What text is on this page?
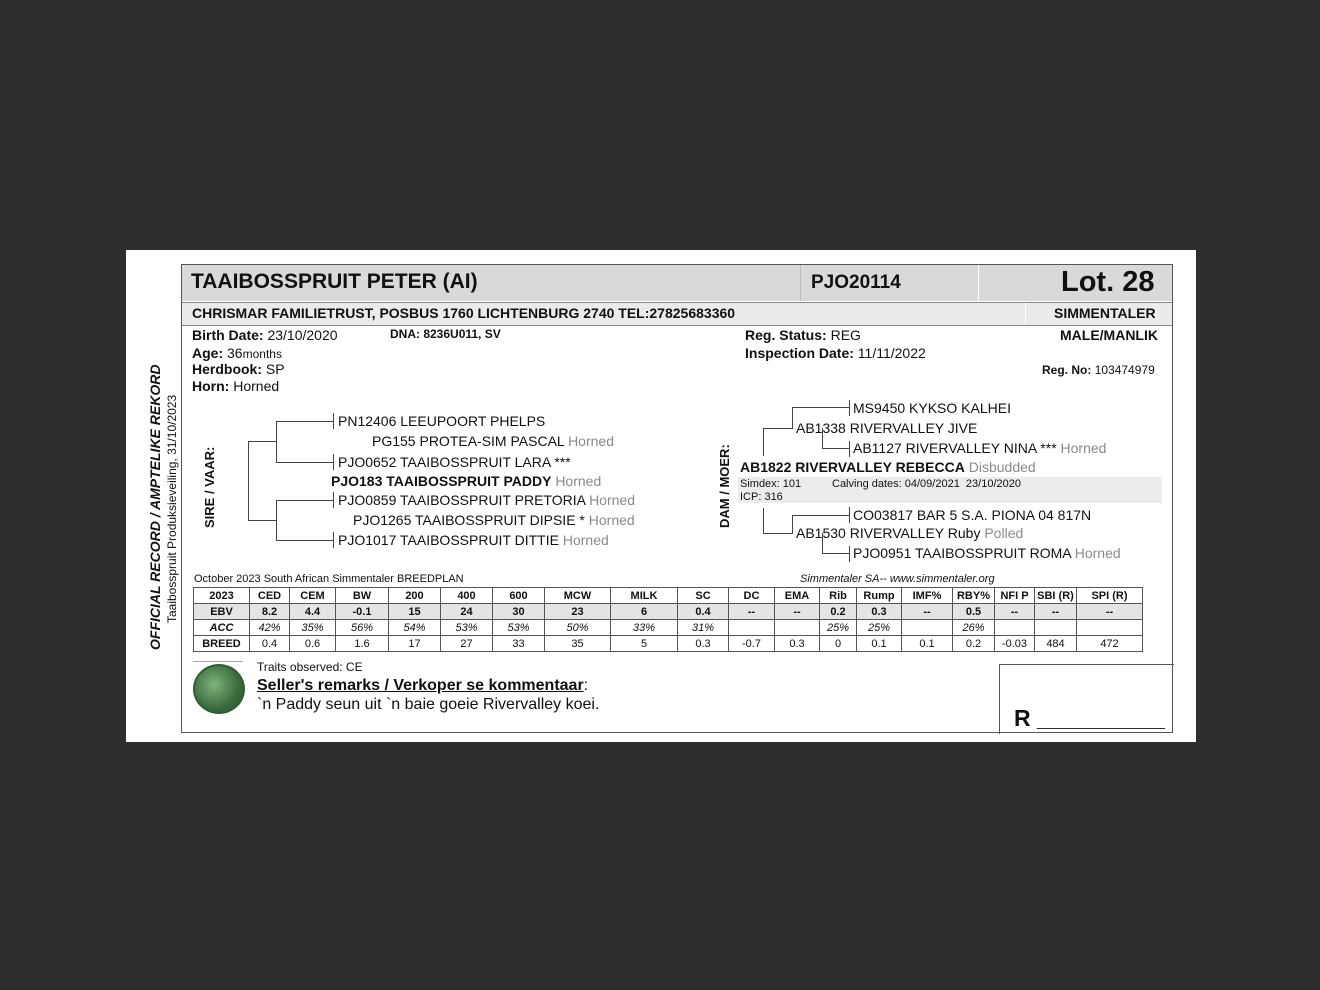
TAAIBOSSPRUIT PETER (AI)	PJO20114	Lot. 28
CHRISMAR FAMILIETRUST, POSBUS 1760 LICHTENBURG 2740 TEL:27825683360	SIMMENTALER
Birth Date: 23/10/2020	DNA: 8236U011, SV
Age: 36months
Herdbook: SP
Horn: Horned
Reg. Status: REG
Inspection Date: 11/11/2022
MALE/MANLIK
Reg. No: 103474979
OFFICIAL RECORD / AMPTELIKE REKORD Taaibosspruit Produksieveiling, 31/10/2023 SIRE / VAAR:	DAM / MOER:
PN12406 LEEUPOORT PHELPS
PG155 PROTEA-SIM PASCAL Horned
PJO0652 TAAIBOSSPRUIT LARA ***
PJO183 TAAIBOSSPRUIT PADDY Horned
PJO0859 TAAIBOSSPRUIT PRETORIA Horned
PJO1265 TAAIBOSSPRUIT DIPSIE * Horned
PJO1017 TAAIBOSSPRUIT DITTIE Horned
MS9450 KYKSO KALHEI
AB1338 RIVERVALLEY JIVE
AB1127 RIVERVALLEY NINA *** Horned
AB1822 RIVERVALLEY REBECCA Disbudded
Simdex: 101	Calving dates: 04/09/2021  23/10/2020
ICP: 316
CO03817 BAR 5 S.A. PIONA 04 817N
AB1530 RIVERVALLEY Ruby Polled
PJO0951 TAAIBOSSPRUIT ROMA Horned
October 2023 South African Simmentaler BREEDPLAN	Simmentaler SA-- www.simmentaler.org
2023	CED	CEM	BW	200	400	600	MCW	MILK	SC	DC	EMA	Rib	Rump	IMF%	RBY%	NFI P	SBI (R)	SPI (R)
EBV	8.2	4.4	-0.1	15	24	30	23	6	0.4	--	--	0.2	0.3	--	0.5	--	--	--
ACC	42%	35%	56%	54%	53%	53%	50%	33%	31%			25%	25%		26%			
BREED	0.4	0.6	1.6	17	27	33	35	5	0.3	-0.7	0.3	0	0.1	0.1	0.2	-0.03	484	472
Traits observed: CE
Seller's remarks / Verkoper se kommentaar:
`n Paddy seun uit `n baie goeie Rivervalley koei.
R __________
